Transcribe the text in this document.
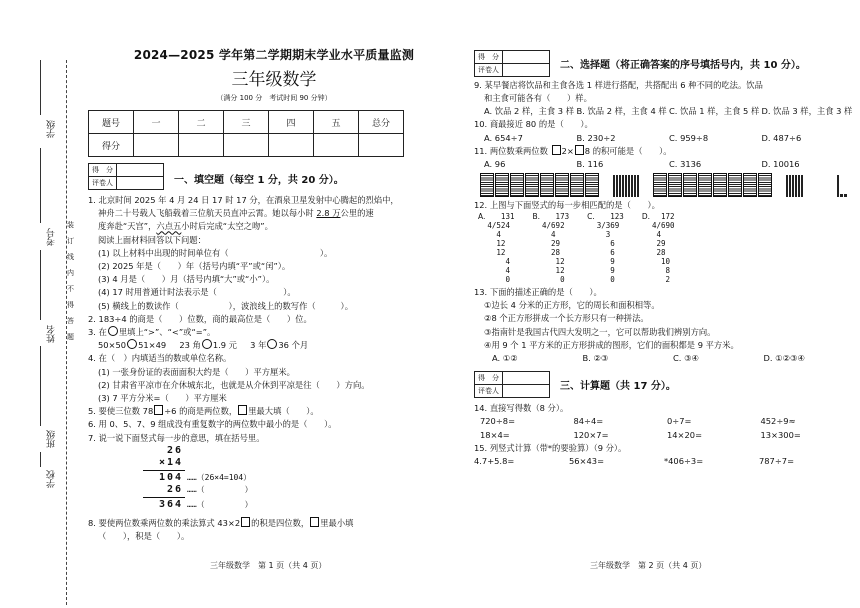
学级
考号
姓名
班级
学校
装
订
线
内
不
得
答
题
2024—2025 学年第二学期期末学业水平质量监测
三年级数学
（满分 100 分　考试时间 90 分钟）
题号	一	二	三	四	五	总分
得分						
得　分	
评卷人		一、填空题（每空 1 分，共 20 分）。
1. 北京时间 2025 年 4 月 24 日 17 时 17 分，在酒泉卫星发射中心腾起的烈焰中，
神舟二十号载人飞船载着三位航天员直冲云霄。她以每小时 2.8 万公里的速
度奔赴“天宫”，六点五小时后完成“太空之吻”。
阅读上面材料回答以下问题：
(1) 以上材料中出现的时间单位有（　　　　　　　　　　　）。
(2) 2025 年是（　　）年（括号内填“平”或“闰”）。
(3) 4 月是（　　）月（括号内填“大”或“小”）。
(4) 17 时用普通计时法表示是（　　　　　　　　）。
(5) 横线上的数读作（　　　　　　），波浪线上的数写作（　　　）。
2. 183÷4 的商是（　　）位数，商的最高位是（　　）位。
3. 在 里填上“>”、“<”或“=”。
50×50 51×49 23 角 1.9 元 3 年 36 个月
4. 在（　）内填适当的数或单位名称。
(1) 一张身份证的表面面积大约是（　　）平方厘米。
(2) 甘肃省平凉市在介休城东北，也就是从介休到平凉是往（　　）方向。
(3) 7 平方分米=（　　）平方厘米
5. 要使三位数 78 ÷6 的商是两位数， 里最大填（　　）。
6. 用 0、5、7、9 组成没有重复数字的两位数中最小的是（　　）。
7. 说一说下面竖式每一步的意思，填在括号里。
26
×14
104 ……（26×4=104）
26 ……（　　　　　）
364 ……（　　　　　）
8. 要使两位数乘两位数的乘法算式 43×2 的积是四位数， 里最小填
（　　），积是（　　）。
得　分	
评卷人		二、选择题（将正确答案的序号填括号内，共 10 分）。
9. 某早餐店将饮品和主食各选 1 样进行搭配，共搭配出 6 种不同的吃法。饮品
和主食可能各有（　　）样。
A. 饮品 2 样，主食 3 样 B. 饮品 2 样，主食 4 样 C. 饮品 1 样，主食 5 样 D. 饮品 3 样，主食 3 样
10. 商最接近 80 的是（　　）。
A. 654÷7	B. 230÷2	C. 959÷8	D. 487÷6
11. 两位数乘两位数 2× 8 的积可能是（　　）。
A. 96	B. 116	C. 3136	D. 10016
12. 上图与下面竖式的每一步相匹配的是（　　）。
A.	131
4/524
4
12
12
4
4
0
B.	173
4/692
4
29
28
12
12
0
C.	123
3/369
3
6
6
9
9
0
D.	172
4/690
4
29
28
10
8
2
13. 下面的描述正确的是（　　）。
①边长 4 分米的正方形，它的周长和面积相等。
②8 个正方形拼成一个长方形只有一种拼法。
③指南针是我国古代四大发明之一，它可以帮助我们辨别方向。
④用 9 个 1 平方米的正方形拼成的图形，它们的面积都是 9 平方米。
A. ①②	B. ②③	C. ③④	D. ①②③④
得　分	
评卷人		三、计算题（共 17 分）。
14. 直接写得数（8 分）。
720÷8=	84÷4=	0÷7=	452÷9≈
18×4=	120×7=	14×20=	13×300=
15. 列竖式计算（带*的要验算）（9 分）。
4.7+5.8=	56×43=	*406÷3=	787÷7=
三年级数学　第 1 页（共 4 页）	三年级数学　第 2 页（共 4 页）
